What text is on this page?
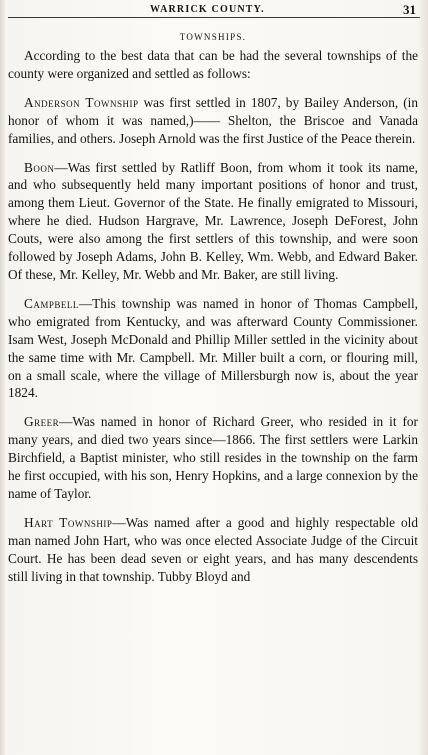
WARRICK COUNTY.	31
TOWNSHIPS.

According to the best data that can be had the several townships of the county were organized and settled as follows:

Anderson Township was first settled in 1807, by Bailey Anderson, (in honor of whom it was named,)—— Shelton, the Briscoe and Vanada families, and others. Joseph Arnold was the first Justice of the Peace therein.

Boon—Was first settled by Ratliff Boon, from whom it took its name, and who subsequently held many important positions of honor and trust, among them Lieut. Governor of the State. He finally emigrated to Missouri, where he died. Hudson Hargrave, Mr. Lawrence, Joseph DeForest, John Couts, were also among the first settlers of this township, and were soon followed by Joseph Adams, John B. Kelley, Wm. Webb, and Edward Baker. Of these, Mr. Kelley, Mr. Webb and Mr. Baker, are still living.

Campbell—This township was named in honor of Thomas Campbell, who emigrated from Kentucky, and was afterward County Commissioner. Isam West, Joseph McDonald and Phillip Miller settled in the vicinity about the same time with Mr. Campbell. Mr. Miller built a corn, or flouring mill, on a small scale, where the village of Millersburgh now is, about the year 1824.

Greer—Was named in honor of Richard Greer, who resided in it for many years, and died two years since—1866. The first settlers were Larkin Birchfield, a Baptist minister, who still resides in the township on the farm he first occupied, with his son, Henry Hopkins, and a large connexion by the name of Taylor.

Hart Township—Was named after a good and highly respectable old man named John Hart, who was once elected Associate Judge of the Circuit Court. He has been dead seven or eight years, and has many descendents still living in that township. Tubby Bloyd and
